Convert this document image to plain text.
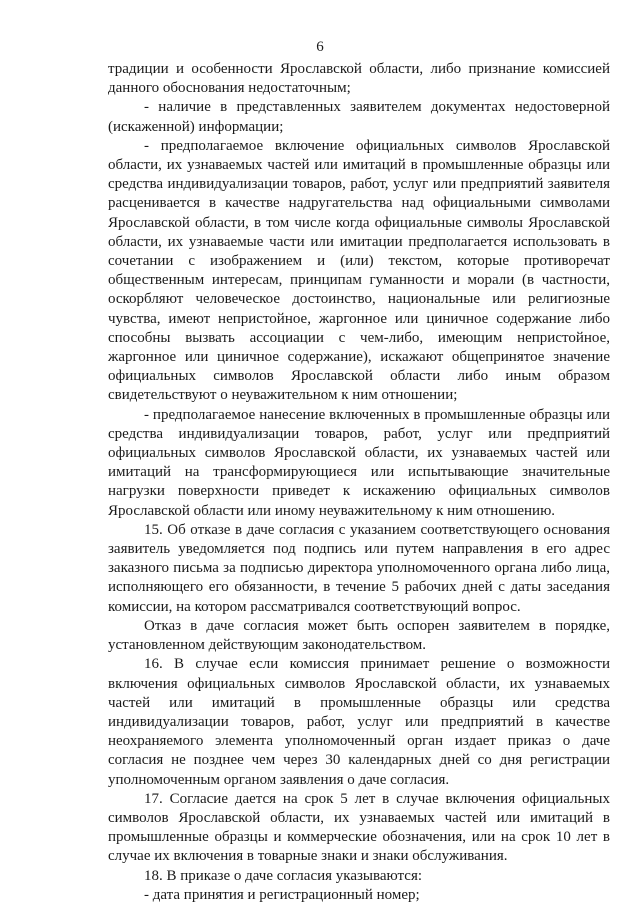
6

традиции и особенности Ярославской области, либо признание комиссией данного обоснования недостаточным;

- наличие в представленных заявителем документах недостоверной (искаженной) информации;

- предполагаемое включение официальных символов Ярославской области, их узнаваемых частей или имитаций в промышленные образцы или средства индивидуализации товаров, работ, услуг или предприятий заявителя расценивается в качестве надругательства над официальными символами Ярославской области, в том числе когда официальные символы Ярославской области, их узнаваемые части или имитации предполагается использовать в сочетании с изображением и (или) текстом, которые противоречат общественным интересам, принципам гуманности и морали (в частности, оскорбляют человеческое достоинство, национальные или религиозные чувства, имеют непристойное, жаргонное или циничное содержание либо способны вызвать ассоциации с чем-либо, имеющим непристойное, жаргонное или циничное содержание), искажают общепринятое значение официальных символов Ярославской области либо иным образом свидетельствуют о неуважительном к ним отношении;

- предполагаемое нанесение включенных в промышленные образцы или средства индивидуализации товаров, работ, услуг или предприятий официальных символов Ярославской области, их узнаваемых частей или имитаций на трансформирующиеся или испытывающие значительные нагрузки поверхности приведет к искажению официальных символов Ярославской области или иному неуважительному к ним отношению.

15. Об отказе в даче согласия с указанием соответствующего основания заявитель уведомляется под подпись или путем направления в его адрес заказного письма за подписью директора уполномоченного органа либо лица, исполняющего его обязанности, в течение 5 рабочих дней с даты заседания комиссии, на котором рассматривался соответствующий вопрос.

Отказ в даче согласия может быть оспорен заявителем в порядке, установленном действующим законодательством.

16. В случае если комиссия принимает решение о возможности включения официальных символов Ярославской области, их узнаваемых частей или имитаций в промышленные образцы или средства индивидуализации товаров, работ, услуг или предприятий в качестве неохраняемого элемента уполномоченный орган издает приказ о даче согласия не позднее чем через 30 календарных дней со дня регистрации уполномоченным органом заявления о даче согласия.

17. Согласие дается на срок 5 лет в случае включения официальных символов Ярославской области, их узнаваемых частей или имитаций в промышленные образцы и коммерческие обозначения, или на срок 10 лет в случае их включения в товарные знаки и знаки обслуживания.

18. В приказе о даче согласия указываются:

- дата принятия и регистрационный номер;
